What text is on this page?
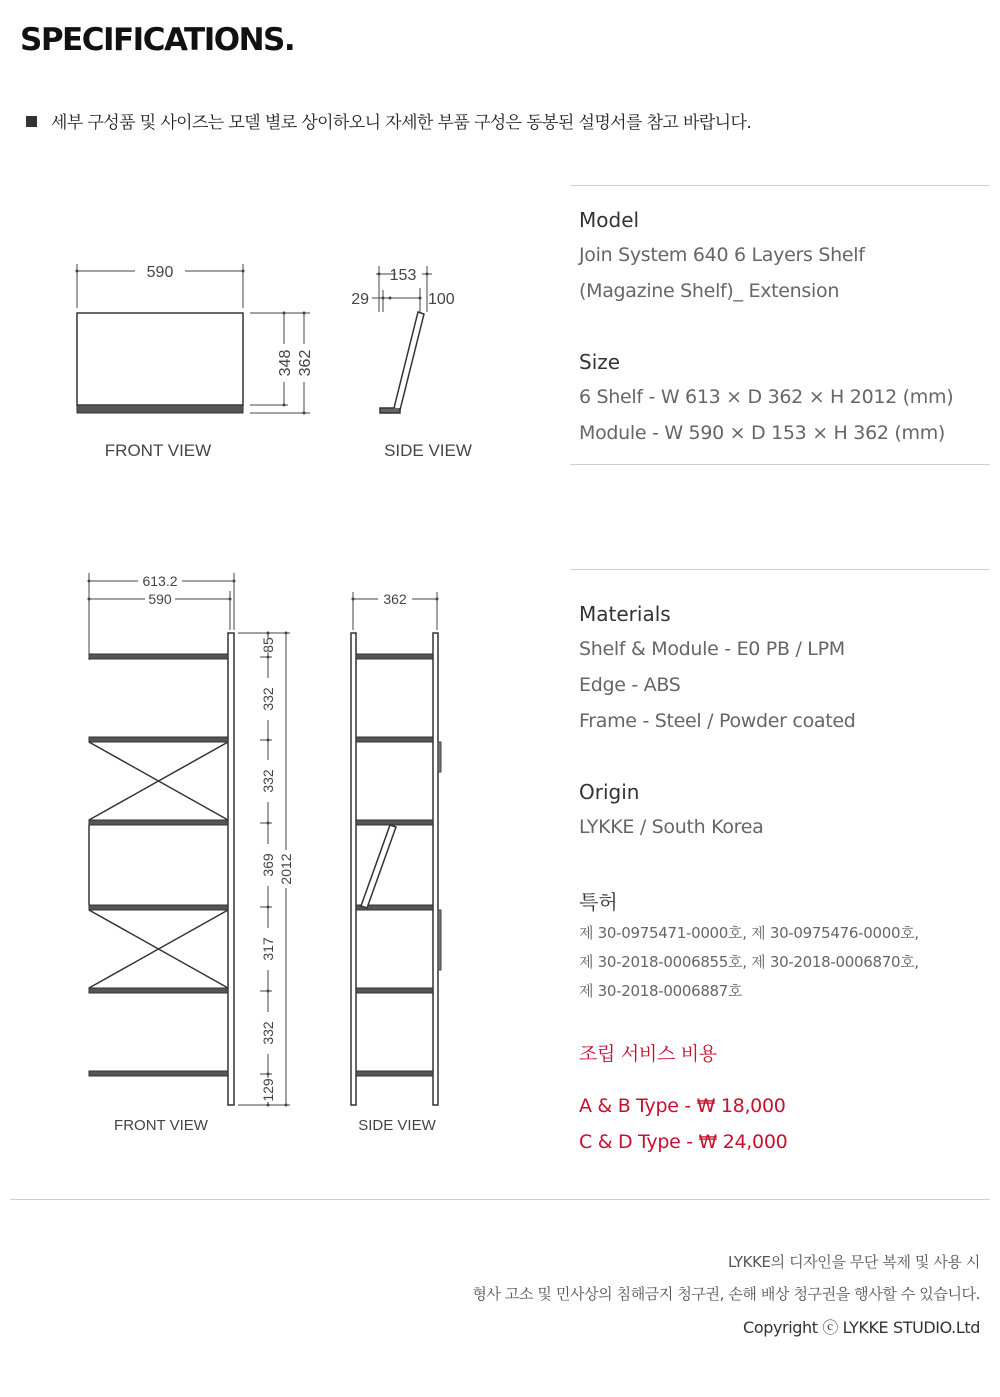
SPECIFICATIONS.
세부 구성품 및 사이즈는 모델 별로 상이하오니 자세한 부품 구성은 동봉된 설명서를 참고 바랍니다.
590
348 362
153
29	100
FRONT VIEW	SIDE VIEW
613.2
590	362
85
332
332
369
317
332
129
2012
FRONT VIEW	SIDE VIEW

Model

Join System 640 6 Layers Shelf

(Magazine Shelf)_ Extension

Size

6 Shelf - W 613 × D 362 × H 2012 (mm)

Module - W 590 × D 153 × H 362 (mm)

Materials

Shelf & Module - E0 PB / LPM

Edge - ABS

Frame - Steel / Powder coated

Origin

LYKKE / South Korea

특허

제 30-0975471-0000호, 제 30-0975476-0000호,

제 30-2018-0006855호, 제 30-2018-0006870호,

제 30-2018-0006887호

조립 서비스 비용

A & B Type - ₩ 18,000

C & D Type - ₩ 24,000

LYKKE의 디자인을 무단 복제 및 사용 시
형사 고소 및 민사상의 침해금지 청구권, 손해 배상 청구권을 행사할 수 있습니다.
Copyright ⓒ LYKKE STUDIO.Ltd
